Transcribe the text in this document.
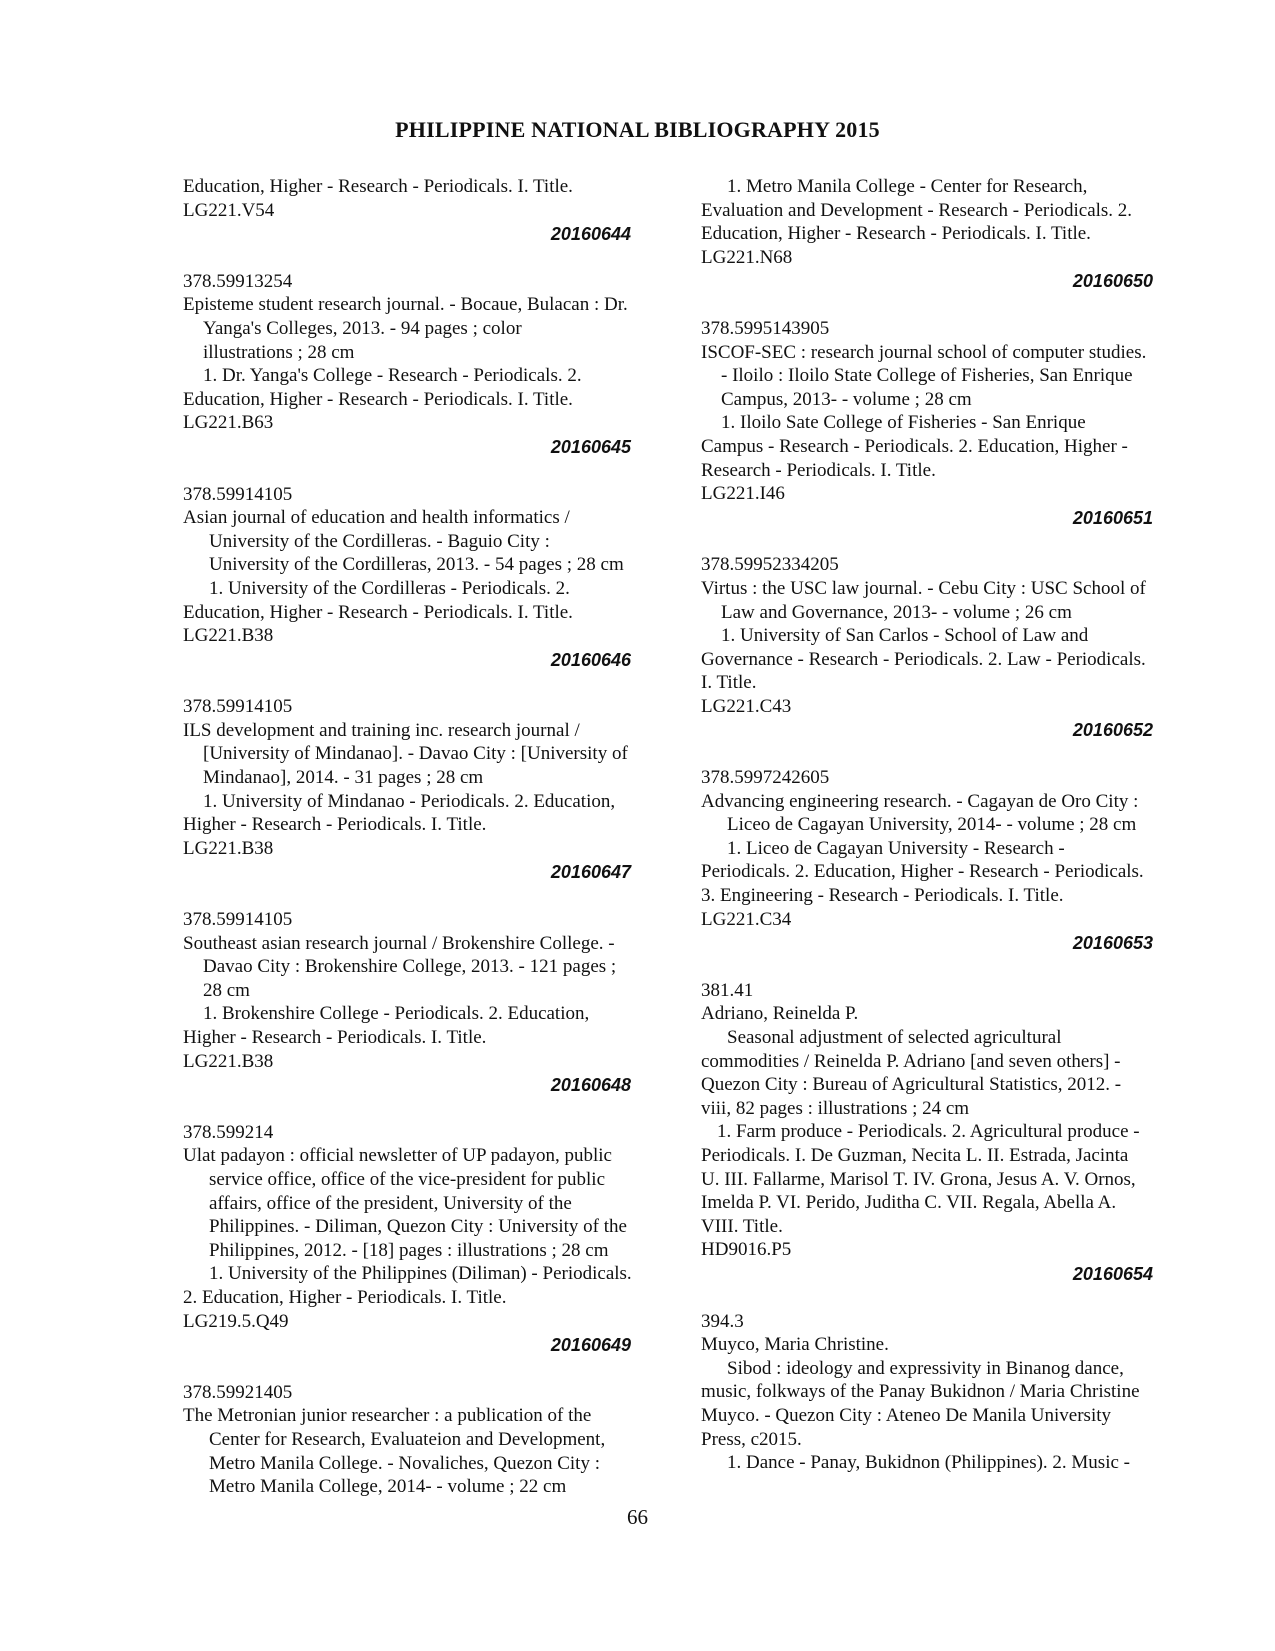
PHILIPPINE NATIONAL BIBLIOGRAPHY 2015
Education, Higher - Research - Periodicals. I. Title.
LG221.V54
20160644
378.59913254
Episteme student research journal. - Bocaue, Bulacan : Dr.
Yanga's Colleges, 2013. - 94 pages ; color
illustrations ; 28 cm
1. Dr. Yanga's College - Research - Periodicals. 2.
Education, Higher - Research - Periodicals. I. Title.
LG221.B63
20160645
378.59914105
Asian journal of education and health informatics /
University of the Cordilleras. - Baguio City :
University of the Cordilleras, 2013. - 54 pages ; 28 cm
1. University of the Cordilleras - Periodicals. 2.
Education, Higher - Research - Periodicals. I. Title.
LG221.B38
20160646
378.59914105
ILS development and training inc. research journal /
[University of Mindanao]. - Davao City : [University of
Mindanao], 2014. - 31 pages ; 28 cm
1. University of Mindanao - Periodicals. 2. Education,
Higher - Research - Periodicals. I. Title.
LG221.B38
20160647
378.59914105
Southeast asian research journal / Brokenshire College. -
Davao City : Brokenshire College, 2013. - 121 pages ;
28 cm
1. Brokenshire College - Periodicals. 2. Education,
Higher - Research - Periodicals. I. Title.
LG221.B38
20160648
378.599214
Ulat padayon : official newsletter of UP padayon, public
service office, office of the vice-president for public
affairs, office of the president, University of the
Philippines. - Diliman, Quezon City : University of the
Philippines, 2012. - [18] pages : illustrations ; 28 cm
1. University of the Philippines (Diliman) - Periodicals.
2. Education, Higher - Periodicals. I. Title.
LG219.5.Q49
20160649
378.59921405
The Metronian junior researcher : a publication of the
Center for Research, Evaluateion and Development,
Metro Manila College. - Novaliches, Quezon City :
Metro Manila College, 2014- - volume ; 22 cm
1. Metro Manila College - Center for Research,
Evaluation and Development - Research - Periodicals. 2.
Education, Higher - Research - Periodicals. I. Title.
LG221.N68
20160650
378.5995143905
ISCOF-SEC : research journal school of computer studies.
- Iloilo : Iloilo State College of Fisheries, San Enrique
Campus, 2013- - volume ; 28 cm
1. Iloilo Sate College of Fisheries - San Enrique
Campus - Research - Periodicals. 2. Education, Higher -
Research - Periodicals. I. Title.
LG221.I46
20160651
378.59952334205
Virtus : the USC law journal. - Cebu City : USC School of
Law and Governance, 2013- - volume ; 26 cm
1. University of San Carlos - School of Law and
Governance - Research - Periodicals. 2. Law - Periodicals.
I. Title.
LG221.C43
20160652
378.5997242605
Advancing engineering research. - Cagayan de Oro City :
Liceo de Cagayan University, 2014- - volume ; 28 cm
1. Liceo de Cagayan University - Research -
Periodicals. 2. Education, Higher - Research - Periodicals.
3. Engineering - Research - Periodicals. I. Title.
LG221.C34
20160653
381.41
Adriano, Reinelda P.
Seasonal adjustment of selected agricultural
commodities / Reinelda P. Adriano [and seven others] -
Quezon City : Bureau of Agricultural Statistics, 2012. -
viii, 82 pages : illustrations ; 24 cm
1. Farm produce - Periodicals. 2. Agricultural produce -
Periodicals. I. De Guzman, Necita L. II. Estrada, Jacinta
U. III. Fallarme, Marisol T. IV. Grona, Jesus A. V. Ornos,
Imelda P. VI. Perido, Juditha C. VII. Regala, Abella A.
VIII. Title.
HD9016.P5
20160654
394.3
Muyco, Maria Christine.
Sibod : ideology and expressivity in Binanog dance,
music, folkways of the Panay Bukidnon / Maria Christine
Muyco. - Quezon City : Ateneo De Manila University
Press, c2015.
1. Dance - Panay, Bukidnon (Philippines). 2. Music -
66
